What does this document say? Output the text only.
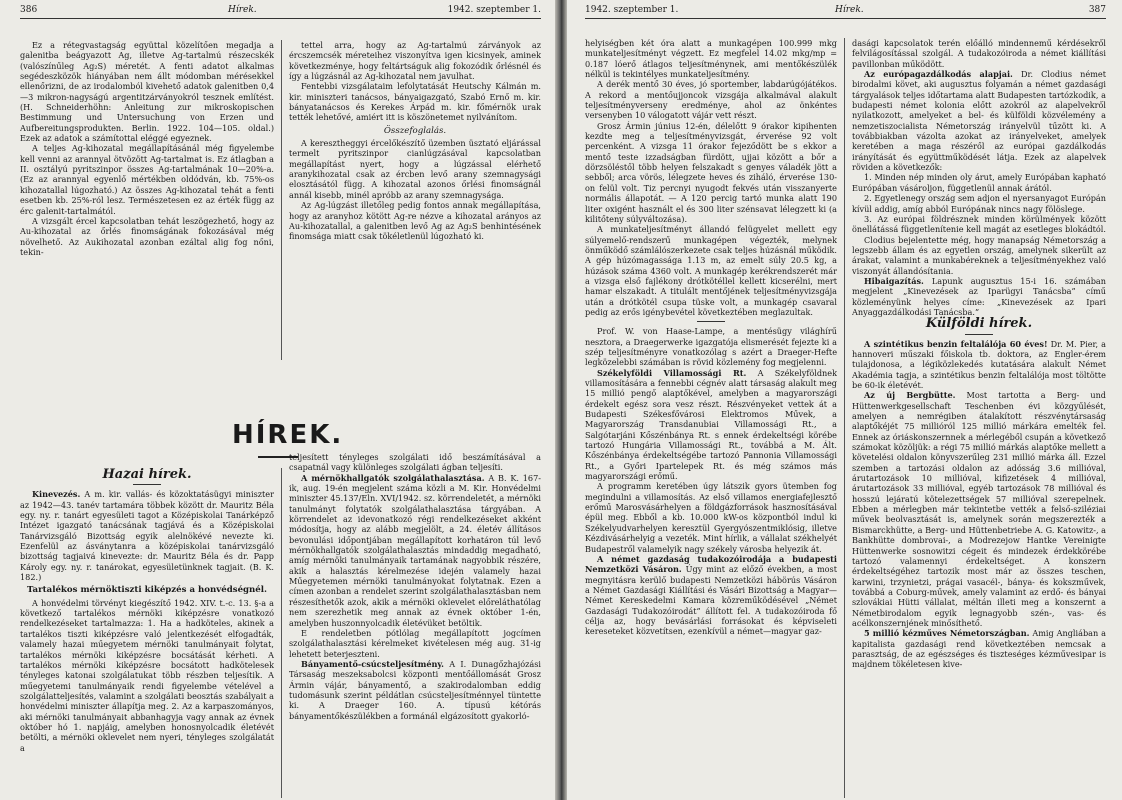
386	Hírek.	1942. szeptember 1.

Ez a rétegvastagság együttal közelítően megadja a galenitba beágyazott Ag, illetve Ag-tartalmú részecskék (valószínűleg Ag₂S) méretét. A fenti adatot alkalmas segédeszközök hiányában nem állt módomban mérésekkel ellenőrizni, de az irodalomból kivehető adatok galenitben 0,4—3 mikron-nagyságú argentitzárványokról tesznek említést. (H. Schneiderhöhn: Anleitung zur mikroskopischen Bestimmung und Untersuchung von Erzen und Aufbereitungsprodukten. Berlin. 1922. 104—105. oldal.) Ezek az adatok a számítottal eléggé egyeznek.

A teljes Ag-kihozatal megállapításánál még figyelembe kell venni az arannyal ötvözött Ag-tartalmat is. Ez átlagban a II. osztályú pyritszinpor összes Ag-tartalmának 10—20%-a. (Ez az arannyal egyenlő mértékben oldódván, kb. 75%-os kihozatallal lúgozható.) Az összes Ag-kihozatal tehát a fenti esetben kb. 25%-ról lesz. Természetesen ez az érték függ az érc galenit-tartalmától.

A vizsgált ércel kapcsolatban tehát leszögezhető, hogy az Au-kihozatal az őrlés finomságának fokozásával még növelhető. Az Aukihozatal azonban ezáltal alig fog nőni, tekin-

tettel arra, hogy az Ag-tartalmú zárványok az ércszemcsék méreteihez viszonyítva igen kicsinyek, aminek következménye, hogy feltártságuk alig fokozódik őrlésnél és így a lúgzásnál az Ag-kihozatal nem javulhat.

Fentebbi vizsgálataim lefolytatását Heutschy Kálmán m. kir. miniszteri tanácsos, bányaigazgató, Szabó Ernő m. kir. bányatanácsos és Kerekes Árpád m. kir. főmérnök urak tették lehetővé, amiért itt is köszönetemet nyilvánítom.

Összefoglalás.

A keresztheggyi ércelőkészítő üzemben üsztató eljárással termelt pyritszinpor cianlúgzásával kapcsolatban megállapítást nyert, hogy a lúgzással elérhető aranykihozatal csak az ércben levő arany szemnagysági elosztásától függ. A kihozatal azonos őrlési finomságnál annál kisebb, minél apróbb az arany szemnagysága.

Az Ag-lúgzást illetőleg pedig fontos annak megállapítása, hogy az aranyhoz kötött Ag-re nézve a kihozatal arányos az Au-kihozatallal, a galenitben levő Ag az Ag₂S benhintésének finomsága miatt csak tökéletlenül lúgozható ki.

HÍREK.
Hazai hírek.

Kinevezés. A m. kir. vallás- és közoktatásügyi miniszter az 1942—43. tanév tartamára többek között dr. Mauritz Béla egy. ny. r. tanárt egyesületi tagot a Középiskolai Tanárképző Intézet igazgató tanácsának tagjává és a Középiskolai Tanárvizsgáló Bizottság egyik alelnökévé nevezte ki. Ezenfelül az ásványtanra a középiskolai tanárvizsgáló bizottság tagjaivá kinevezte: dr. Mauritz Béla és dr. Papp Károly egy. ny. r. tanárokat, egyesületünknek tagjait. (B. K. 182.)

Tartalékos mérnöktiszti kiképzés a honvédségnél.

A honvédelmi törvényt kiegészítő 1942. XIV. t.-c. 13. §-a a következő tartalékos mérnöki kiképzésre vonatkozó rendelkezéseket tartalmazza: 1. Ha a hadköteles, akinek a tartalékos tiszti kiképzésre való jelentkezését elfogadták, valamely hazai műegyetem mérnöki tanulmányait folytat, tartalékos mérnöki kiképzésre bocsátását kérheti. A tartalékos mérnöki kiképzésre bocsátott hadkötelesek tényleges katonai szolgálatukat több részben teljesítik. A műegyetemi tanulmányaik rendi figyelembe vételével a szolgálatteljesítés, valamint a szolgálati beosztás szabályait a honvédelmi miniszter állapítja meg. 2. Az a karpaszományos, aki mérnöki tanulmányait abbanhagyja vagy annak az évnek október hó 1. napjáig, amelyben honosnyolcadik életévét betölti, a mérnöki oklevelet nem nyeri, tényleges szolgálatát a

teljesített tényleges szolgálati idő beszámításával a csapatnál vagy különleges szolgálati ágban teljesíti.

A mérnökhallgatók szolgálathalasztása. A B. K. 167-ik, aug. 19-én megjelent száma közli a M. Kir. Honvédelmi miniszter 45.137/Eln. XVI/1942. sz. körrendeletét, a mérnöki tanulmányt folytatók szolgálathalasztása tárgyában. A körrendelet az idevonatkozó régi rendelkezéseket akként módosítja, hogy az alább megjelölt, a 24. életév állításos bevonulási időpontjában megállapított korhatáron túl levő mérnökhallgatók szolgálathalasztás mindaddig megadható, amíg mérnöki tanulmányaik tartamának nagyobbik részére, akik a halasztás kérelmezése idején valamely hazai Műegyetemen mérnöki tanulmányokat folytatnak. Ezen a címen azonban a rendelet szerint szolgálathalasztásban nem részesíthetők azok, akik a mérnöki oklevelet előreláthatólag nem szerezhetik meg annak az évnek október 1-én, amelyben huszonnyolcadik életévüket betöltik.

E rendeletben pótlólag megállapított jogcímen szolgálathalasztási kérelmeket kivételesen még aug. 31-ig lehetett beterjeszteni.

Bányamentő-csúcsteljesítmény. A I. Dunagőzhajózási Társaság meszeksabolcsi központi mentőállomását Grosz Ármin vájár, bányamentő, a szakirodalomban eddig tudomásunk szerint példátlan csúcsteljesítménnyel tüntette ki. A Draeger 160. A. típusú kétórás bányamentőkészülékben a formánál elgázosított gyakorló-

1942. szeptember 1.	Hírek.	387

helyiségben két óra alatt a munkagépen 100.999 mkg munkateljesítményt végzett. Ez megfelel 14.02 mkg/mp = 0.187 lóerő átlagos teljesítménynek, ami mentőkészülék nélkül is tekintélyes munkateljesítmény.

A derék mentő 30 éves, jó sportember, labdarúgójátékos. A rekord a mentőujjoncok vizsgája alkalmával alakult teljesítményverseny eredménye, ahol az önkéntes versenyben 10 válogatott vájár vett részt.

Grosz Ármin június 12-én, délelőtt 9 órakor kipihenten kezdte meg a teljesítményvizsgát, érverése 92 volt percenként. A vizsga 11 órakor fejeződött be s ekkor a mentő teste izzadságban fürdött, ujjai között a bőr a dörzsöléstől több helyen felszakadt s genyes váladék jött a sebből; arca vörös, lélegzete heves és ziháló, érverése 130-on felül volt. Tiz percnyi nyugodt fekvés után visszanyerte normális állapotát. — A 120 percig tartó munka alatt 190 liter oxigént használt el és 300 liter szénsavat lélegzett ki (a kilitőteny súlyváltozása).

A munkateljesítményt állandó felügyelet mellett egy súlyemelő-rendszerű munkagépen végezték, melynek önműködő számlálószerkezete csak teljes húzásnál működik. A gép húzómagassága 1.13 m, az emelt súly 20.5 kg, a húzások száma 4360 volt. A munkagép kerékrendszerét már a vizsga első fajlékony drótkötéllel kellett kicserélni, mert hamar elszakadt. A titulált mentőjének teljesítményvizsgája után a drótkötél csupa tüske volt, a munkagép csavaral pedig az erős igénybevétel következtében meglazultak.

Prof. W. von Haase-Lampe, a mentésügy világhírű nesztora, a Draegerwerke igazgatója elismerését fejezte ki a szép teljesítményre vonatkozólag s azért a Draeger-Hefte legközelebbi számában is rövid közlemény fog megjelenni.

Székelyföldi Villamossági Rt. A Székelyföldnek villamosítására a fennebbi cégnév alatt társaság alakult meg 15 millió pengő alaptőkével, amelyben a magyarországi érdekelt egész sora vesz részt. Részvényeket vettek át a Budapesti Székesfővárosi Elektromos Művek, a Magyarország Transdanubiai Villamossági Rt., a Salgótarjáni Kőszénbánya Rt. s ennek érdekeltségi körébe tartozó Hungária Villamossági Rt., továbbá a M. Ált. Kőszénbánya érdekeltségébe tartozó Pannonia Villamossági Rt., a Győri Ipartelepek Rt. és még számos más magyarországi erőmű.

A programm keretében úgy látszik gyors ütemben fog megindulni a villamosítás. Az első villamos energiafejlesztő erőmű Marosvásárhelyen a földgázforrások hasznosításával épül meg. Ebből a kb. 10.000 kW-os központból indul ki Székelyudvarhelyen keresztül Gyergyószentmiklósig, illetve Kézdivásárhelyig a vezeték. Mint hírlik, a vállalat székhelyét Budapestről valamelyik nagy székely városba helyezik át.

A német gazdaság tudakozóirodája a budapesti Nemzetközi Vásáron. Úgy mint az előző években, a most megnyitásra kerülő budapesti Nemzetközi hábörús Vásáron a Német Gazdasági Kiállítási és Vásári Bizottság a Magyar—Német Kereskedelmi Kamara közreműködésével „Német Gazdasági Tudakozóirodát” állított fel. A tudakozóiroda fő célja az, hogy bevásárlási forrásokat és képviseleti kereseteket közvetítsen, ezenkívül a német—magyar gaz-

dasági kapcsolatok terén előálló mindennemű kérdésekről felvilágosítással szolgál. A tudakozóiroda a német kiállítási pavillonban működött.

Az európagazdálkodás alapjai. Dr. Clodius német birodalmi követ, aki augusztus folyamán a német gazdasági tárgyalások teljes időtartama alatt Budapesten tartózkodik, a budapesti német kolonia előtt azokról az alapelvekről nyilatkozott, amelyeket a bel- és külföldi közvélemény a nemzetiszocialista Németország irányelvül tűzött ki. A továbbiakban vázolta azokat az irányelveket, amelyek keretében a maga részéről az európai gazdálkodás irányítását és együttműködését látja. Ezek az alapelvek röviden a következők:

1. Minden nép minden oly árut, amely Európában kapható Európában vásároljon, függetlenül annak árától.

2. Egyetlenegy ország sem adjon el nyersanyagot Európán kívül addig, amíg abból Európának nincs nagy fölöslege.

3. Az európai földrésznek minden körülmények között önellátássá függetlenítenie kell magát az esetleges blokádtól.

Clodius bejelentette még, hogy manapság Németország a legszebb állam és az egyetlen ország, amelynek sikerült az árakat, valamint a munkabéreknek a teljesítményekhez való viszonyát állandósítania.

Hibaigazítás. Lapunk augusztus 15-i 16. számában megjelent „Kinevezések az Iparügyi Tanácsba” című közleményünk helyes címe: „Kinevezések az Ipari Anyaggazdálkodási Tanácsba.”

Külföldi hírek.

A szintétikus benzin feltalálója 60 éves! Dr. M. Pier, a hannoveri műszaki főiskola tb. doktora, az Engler-érem tulajdonosa, a légiközlekedés kutatására alakult Német Akadémia tagja, a szintétikus benzin feltalálója most töltötte be 60-ik életévét.

Az új Bergbütte. Most tartotta a Berg- und Hüttenwerkgesellschaft Teschenben évi közgyűlését, amelyen a nemrégiben átalakított részvénytársaság alaptőkéjét 75 millióról 125 millió márkára emelték fel. Ennek az óriáskonszernnek a mérlegéből csupán a következő számokat közöljük: a régi 75 millió márkás alaptőke mellett a követelési oldalon könyvszerűleg 231 millió márka áll. Ezzel szemben a tartozási oldalon az adósság 3.6 millióval, árutartozások 10 millióval, kifizetések 4 millióval, árutartozások 33 millióval, egyéb tartozások 78 millióval és hosszú lejáratú kötelezettségek 57 millióval szerepelnek. Ebben a mérlegben már tekintetbe vették a felső-sziléziai művek beolvasztását is, amelynek során megszerezték a Bismarckhütte, a Berg- und Hüttenbetriebe A. G. Katowitz-, a Bankhütte dombrovai-, a Modrezejow Hantke Vereinigte Hüttenwerke sosnowitzi cégeit és mindezek érdekkörébe tartozó valamennyi érdekeltséget. A konszern érdekeltségéhez tartozik most már az összes teschen, karwini, trzynietzi, prágai vasacél-, bánya- és kokszművek, továbbá a Coburg-művek, amely valamint az erdő- és bányai szlovákiai Hütti vállalat, méltán illeti meg a konszernt a Németbirodalom egyik legnagyobb szén-, vas- és acélkonszernjének minősíthető.

5 millió kézműves Németországban. Amig Angliában a kapitalista gazdasági rend következtében nemcsak a parasztság, de az egészséges és tiszteséges kézművesipar is majdnem tökéletesen kive-
